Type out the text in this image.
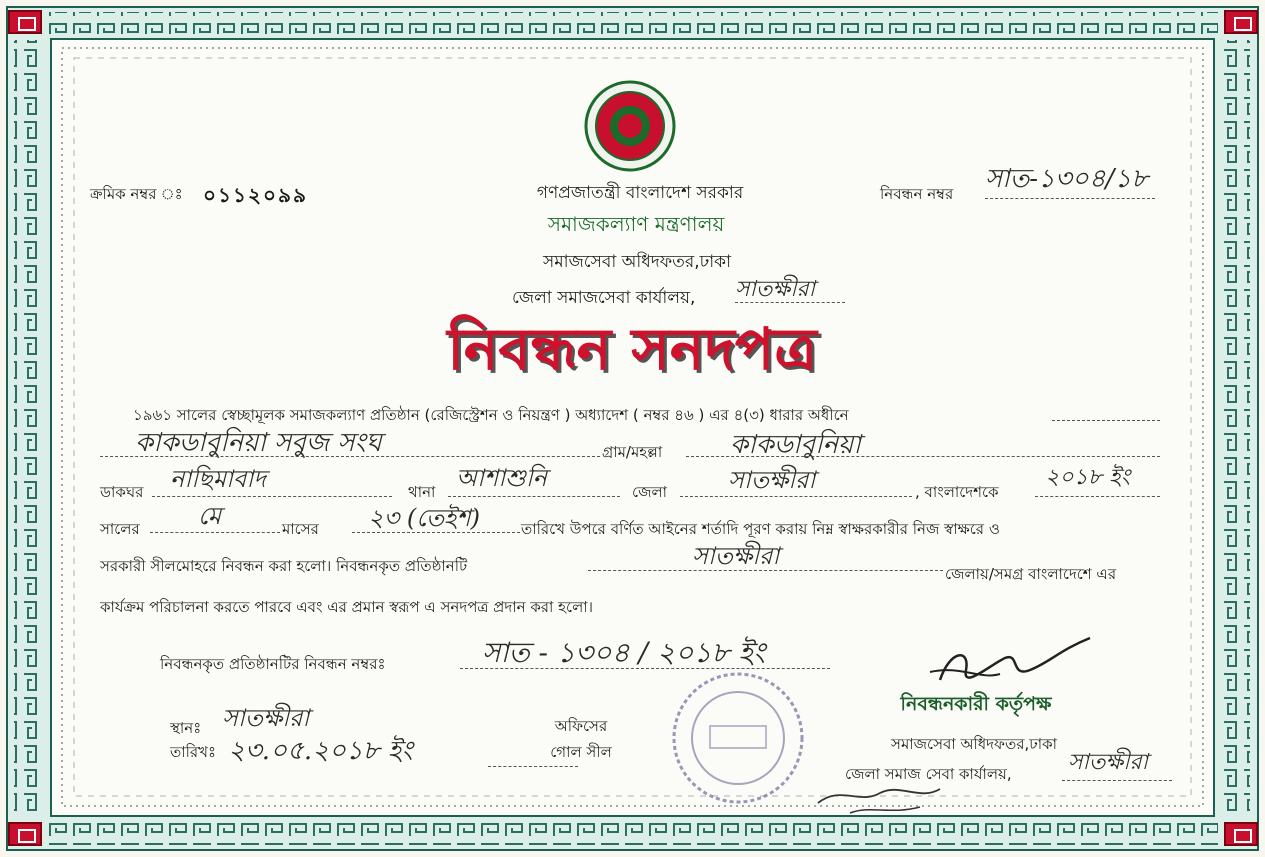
ক্রমিক নম্বর ঃ ০১১২০৯৯	গণপ্রজাতন্ত্রী বাংলাদেশ সরকার
সমাজকল্যাণ মন্ত্রণালয়
সমাজসেবা অধিদফতর,ঢাকা
জেলা সমাজসেবা কার্যালয়, সাতক্ষীরা
নিবন্ধন নম্বর সাত-১৩০৪/১৮
নিবন্ধন সনদপত্র
১৯৬১ সালের স্বেচ্ছামূলক সমাজকল্যাণ প্রতিষ্ঠান (রেজিস্ট্রেশন ও নিয়ন্ত্রণ ) অধ্যাদেশ ( নম্বর ৪৬ ) এর ৪(৩) ধারার অধীনে
কাকডাবুনিয়া সবুজ সংঘ	গ্রাম/মহল্লা	কাকডাবুনিয়া
ডাকঘর নাছিমাবাদ	থানা আশাশুনি	জেলা	সাতক্ষীরা	, বাংলাদেশকে
২০১৮ ইং
সালের মে	মাসের ২৩ (তেইশ)	তারিখে উপরে বর্ণিত আইনের শর্তাদি পূরণ করায় নিম্ন স্বাক্ষরকারীর নিজ স্বাক্ষরে ও
সরকারী সীলমোহরে নিবন্ধন করা হলো। নিবন্ধনকৃত প্রতিষ্ঠানটি	সাতক্ষীরা
জেলায়/সমগ্র বাংলাদেশে এর
কার্যক্রম পরিচালনা করতে পারবে এবং এর প্রমান স্বরূপ এ সনদপত্র প্রদান করা হলো।
নিবন্ধনকৃত প্রতিষ্ঠানটির নিবন্ধন নম্বরঃ	সাত - ১৩০৪ / ২০১৮ ইং
স্থানঃ সাতক্ষীরা
তারিখঃ ২৩.০৫.২০১৮ ইং
অফিসের
গোল সীল
নিবন্ধনকারী কর্তৃপক্ষ
সমাজসেবা অধিদফতর,ঢাকা
জেলা সমাজ সেবা কার্যালয়,	সাতক্ষীরা
